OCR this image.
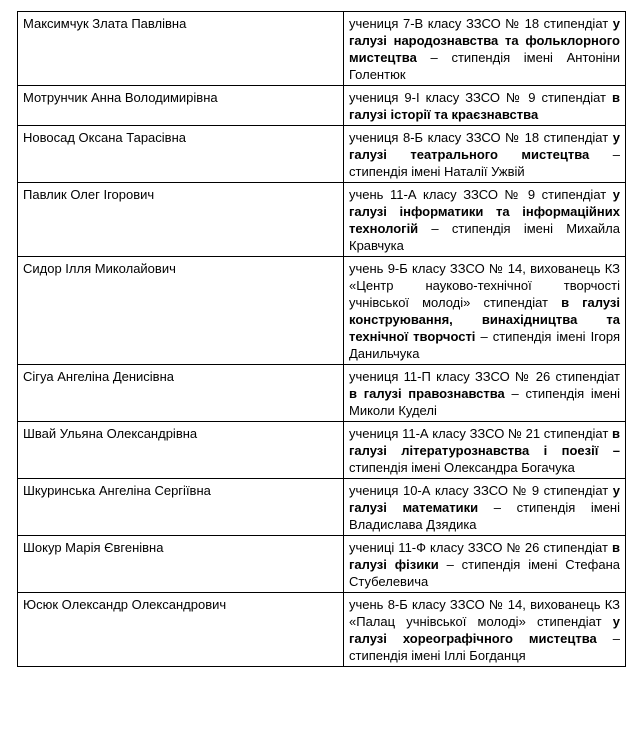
Максимчук Злата Павлівна	учениця 7-В класу ЗЗСО № 18 стипендіат у галузі народознавства та фольклорного мистецтва – стипендія імені Антоніни Голентюк
Мотрунчик Анна Володимирівна	учениця 9-І класу ЗЗСО № 9 стипендіат в галузі історії та краєзнавства
Новосад Оксана Тарасівна	учениця 8-Б класу ЗЗСО № 18 стипендіат у галузі театрального мистецтва – стипендія імені Наталії Ужвій
Павлик Олег Ігорович	учень 11-А класу ЗЗСО № 9 стипендіат у галузі інформатики та інформаційних технологій – стипендія імені Михайла Кравчука
Сидор Ілля Миколайович	учень 9-Б класу ЗЗСО № 14, вихованець КЗ «Центр науково-технічної творчості учнівської молоді» стипендіат в галузі конструювання, винахідництва та технічної творчості – стипендія імені Ігоря Данильчука
Сігуа Ангеліна Денисівна	учениця 11-П класу ЗЗСО № 26 стипендіат в галузі правознавства – стипендія імені Миколи Куделі
Швай Ульяна Олександрівна	учениця 11-А класу ЗЗСО № 21 стипендіат в галузі літературознавства і поезії – стипендія імені Олександра Богачука
Шкуринська Ангеліна Сергіївна	учениця 10-А класу ЗЗСО № 9 стипендіат у галузі математики – стипендія імені Владислава Дзядика
Шокур Марія Євгенівна	учениці 11-Ф класу ЗЗСО № 26 стипендіат в галузі фізики – стипендія імені Стефана Стубелевича
Юсюк Олександр Олександрович	учень 8-Б класу ЗЗСО № 14, вихованець КЗ «Палац учнівської молоді» стипендіат у галузі хореографічного мистецтва – стипендія імені Іллі Богданця
